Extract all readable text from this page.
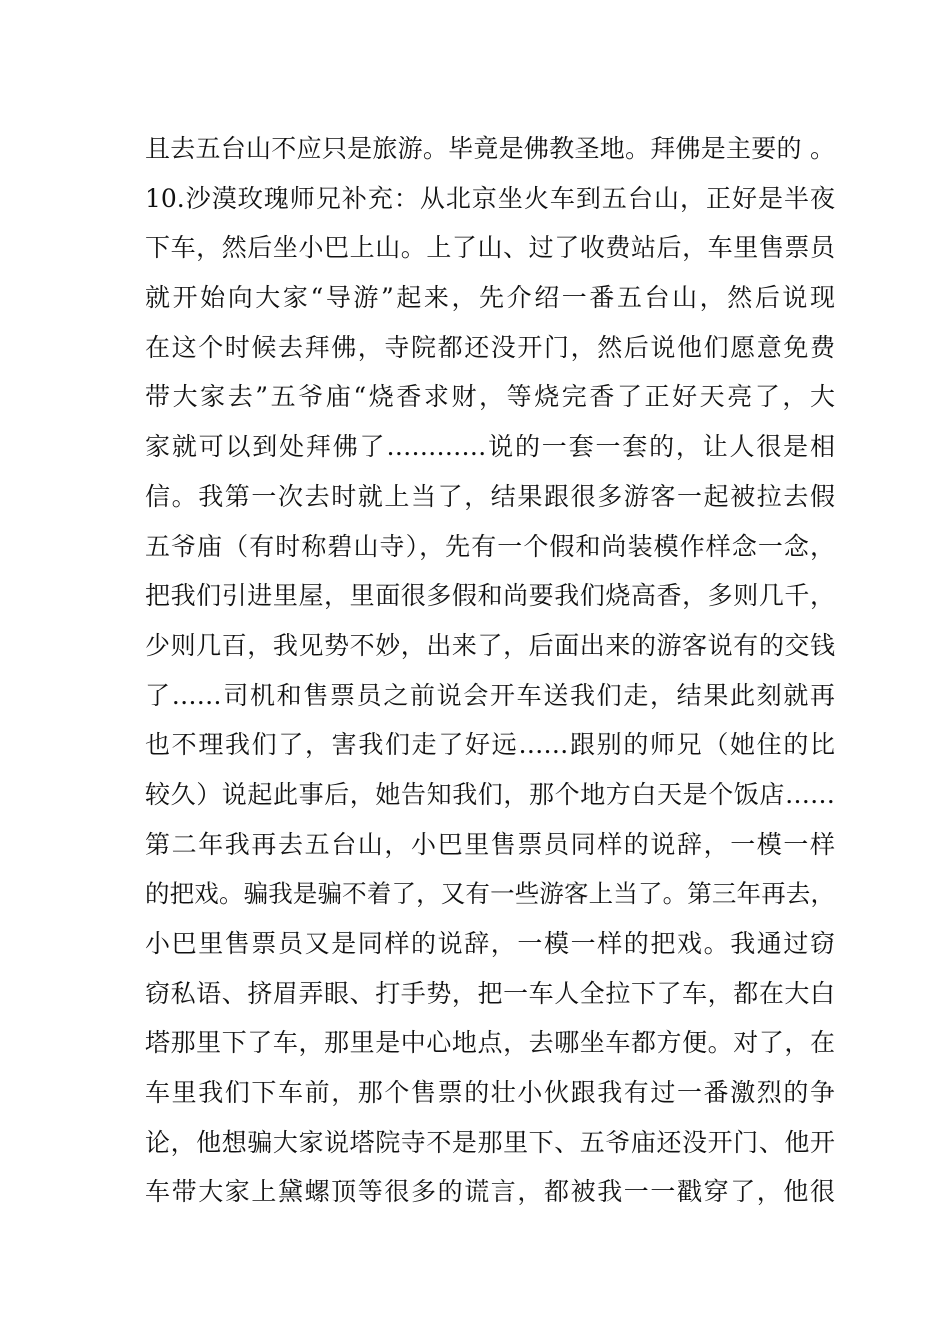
且去五台山不应只是旅游。毕竟是佛教圣地。拜佛是主要的 。
10.沙漠玫瑰师兄补充：从北京坐火车到五台山，正好是半夜
下车，然后坐小巴上山。上了山、过了收费站后，车里售票员
就开始向大家“导游”起来，先介绍一番五台山，然后说现
在这个时候去拜佛，寺院都还没开门，然后说他们愿意免费
带大家去”五爷庙“烧香求财，等烧完香了正好天亮了，大
家就可以到处拜佛了…………说的一套一套的，让人很是相
信。我第一次去时就上当了，结果跟很多游客一起被拉去假
五爷庙（有时称碧山寺），先有一个假和尚装模作样念一念，
把我们引进里屋，里面很多假和尚要我们烧高香，多则几千，
少则几百，我见势不妙，出来了，后面出来的游客说有的交钱
了……司机和售票员之前说会开车送我们走，结果此刻就再
也不理我们了，害我们走了好远……跟别的师兄（她住的比
较久）说起此事后，她告知我们，那个地方白天是个饭店……
第二年我再去五台山，小巴里售票员同样的说辞，一模一样
的把戏。骗我是骗不着了，又有一些游客上当了。第三年再去，
小巴里售票员又是同样的说辞，一模一样的把戏。我通过窃
窃私语、挤眉弄眼、打手势，把一车人全拉下了车，都在大白
塔那里下了车，那里是中心地点，去哪坐车都方便。对了，在
车里我们下车前，那个售票的壮小伙跟我有过一番激烈的争
论，他想骗大家说塔院寺不是那里下、五爷庙还没开门、他开
车带大家上黛螺顶等很多的谎言，都被我一一戳穿了，他很
